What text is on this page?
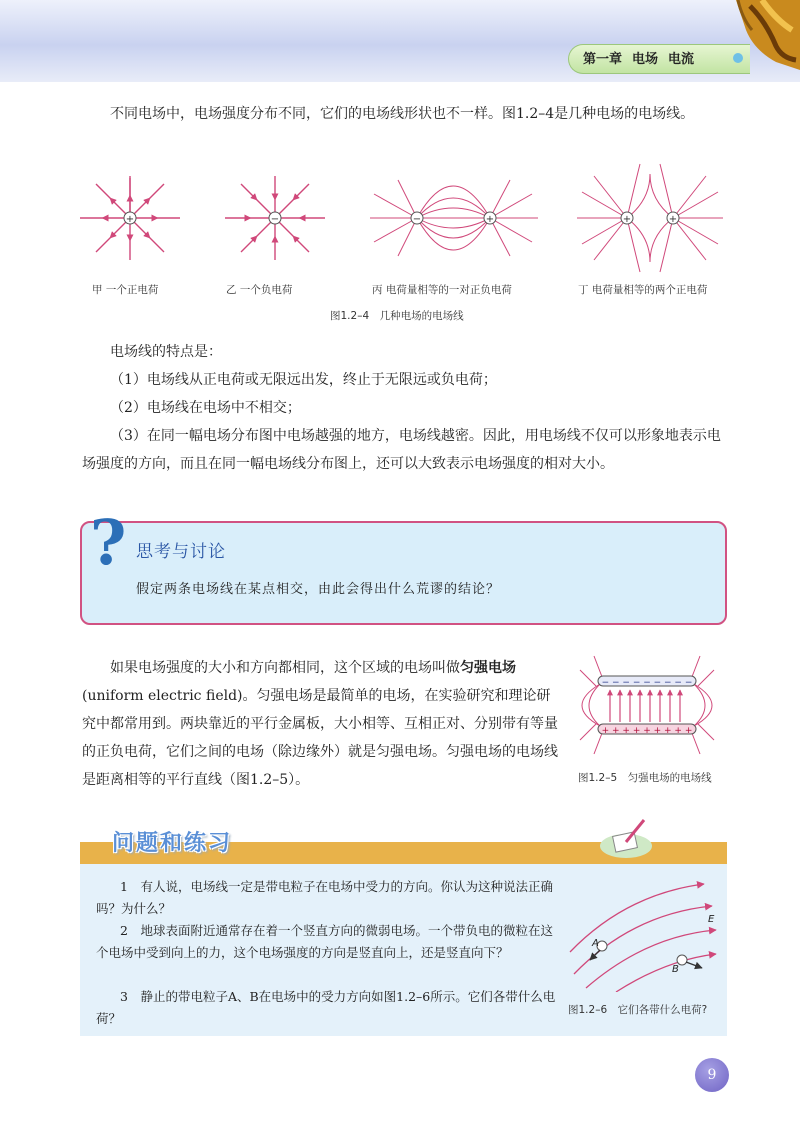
第一章 电场 电流

不同电场中，电场强度分布不同，它们的电场线形状也不一样。图1.2–4是几种电场的电场线。

+	−	−	+	+	+
甲 一个正电荷	乙 一个负电荷	丙 电荷量相等的一对正负电荷	丁 电荷量相等的两个正电荷
图1.2–4　几种电场的电场线

电场线的特点是：

（1）电场线从正电荷或无限远出发，终止于无限远或负电荷；

（2）电场线在电场中不相交；

（3）在同一幅电场分布图中电场越强的地方，电场线越密。因此，用电场线不仅可以形象地表示电场强度的方向，而且在同一幅电场线分布图上，还可以大致表示电场强度的相对大小。

? 思考与讨论
假定两条电场线在某点相交，由此会得出什么荒谬的结论？

如果电场强度的大小和方向都相同，这个区域的电场叫做匀强电场(uniform electric field)。匀强电场是最简单的电场，在实验研究和理论研究中都常用到。两块靠近的平行金属板，大小相等、互相正对、分别带有等量的正负电荷，它们之间的电场（除边缘外）就是匀强电场。匀强电场的电场线是距离相等的平行直线（图1.2–5）。

− − − − − − − − −
+ + + + + + + + +
图1.2–5　匀强电场的电场线
问题和练习

1　有人说，电场线一定是带电粒子在电场中受力的方向。你认为这种说法正确吗？为什么？

2　地球表面附近通常存在着一个竖直方向的微弱电场。一个带负电的微粒在这个电场中受到向上的力，这个电场强度的方向是竖直向上，还是竖直向下？

3　静止的带电粒子A、B在电场中的受力方向如图1.2–6所示。它们各带什么电荷？

A
B
E
图1.2–6　它们各带什么电荷?
9
